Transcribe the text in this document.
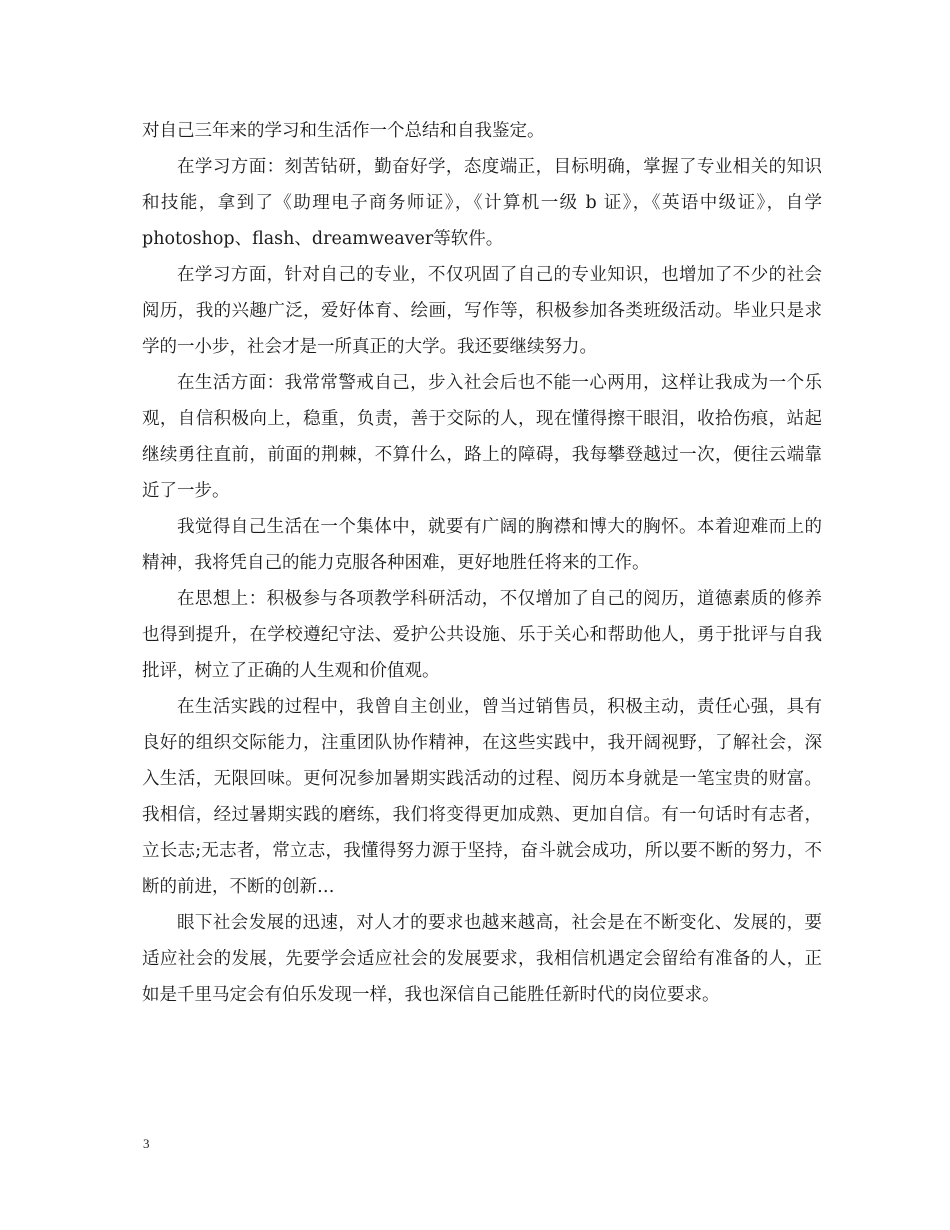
对自己三年来的学习和生活作一个总结和自我鉴定。

在学习方面：刻苦钻研，勤奋好学，态度端正，目标明确，掌握了专业相关的知识和技能，拿到了《助理电子商务师证》，《计算机一级 b 证》，《英语中级证》，自学photoshop、flash、dreamweaver等软件。

在学习方面，针对自己的专业，不仅巩固了自己的专业知识，也增加了不少的社会阅历，我的兴趣广泛，爱好体育、绘画，写作等，积极参加各类班级活动。毕业只是求学的一小步，社会才是一所真正的大学。我还要继续努力。

在生活方面：我常常警戒自己，步入社会后也不能一心两用，这样让我成为一个乐观，自信积极向上，稳重，负责，善于交际的人，现在懂得擦干眼泪，收拾伤痕，站起继续勇往直前，前面的荆棘，不算什么，路上的障碍，我每攀登越过一次，便往云端靠近了一步。

我觉得自己生活在一个集体中，就要有广阔的胸襟和博大的胸怀。本着迎难而上的精神，我将凭自己的能力克服各种困难，更好地胜任将来的工作。

在思想上：积极参与各项教学科研活动，不仅增加了自己的阅历，道德素质的修养也得到提升，在学校遵纪守法、爱护公共设施、乐于关心和帮助他人，勇于批评与自我批评，树立了正确的人生观和价值观。

在生活实践的过程中，我曾自主创业，曾当过销售员，积极主动，责任心强，具有良好的组织交际能力，注重团队协作精神，在这些实践中，我开阔视野，了解社会，深入生活，无限回味。更何况参加暑期实践活动的过程、阅历本身就是一笔宝贵的财富。我相信，经过暑期实践的磨练，我们将变得更加成熟、更加自信。有一句话时有志者，立长志;无志者，常立志，我懂得努力源于坚持，奋斗就会成功，所以要不断的努力，不断的前进，不断的创新…

眼下社会发展的迅速，对人才的要求也越来越高，社会是在不断变化、发展的，要适应社会的发展，先要学会适应社会的发展要求，我相信机遇定会留给有准备的人，正如是千里马定会有伯乐发现一样，我也深信自己能胜任新时代的岗位要求。

3
